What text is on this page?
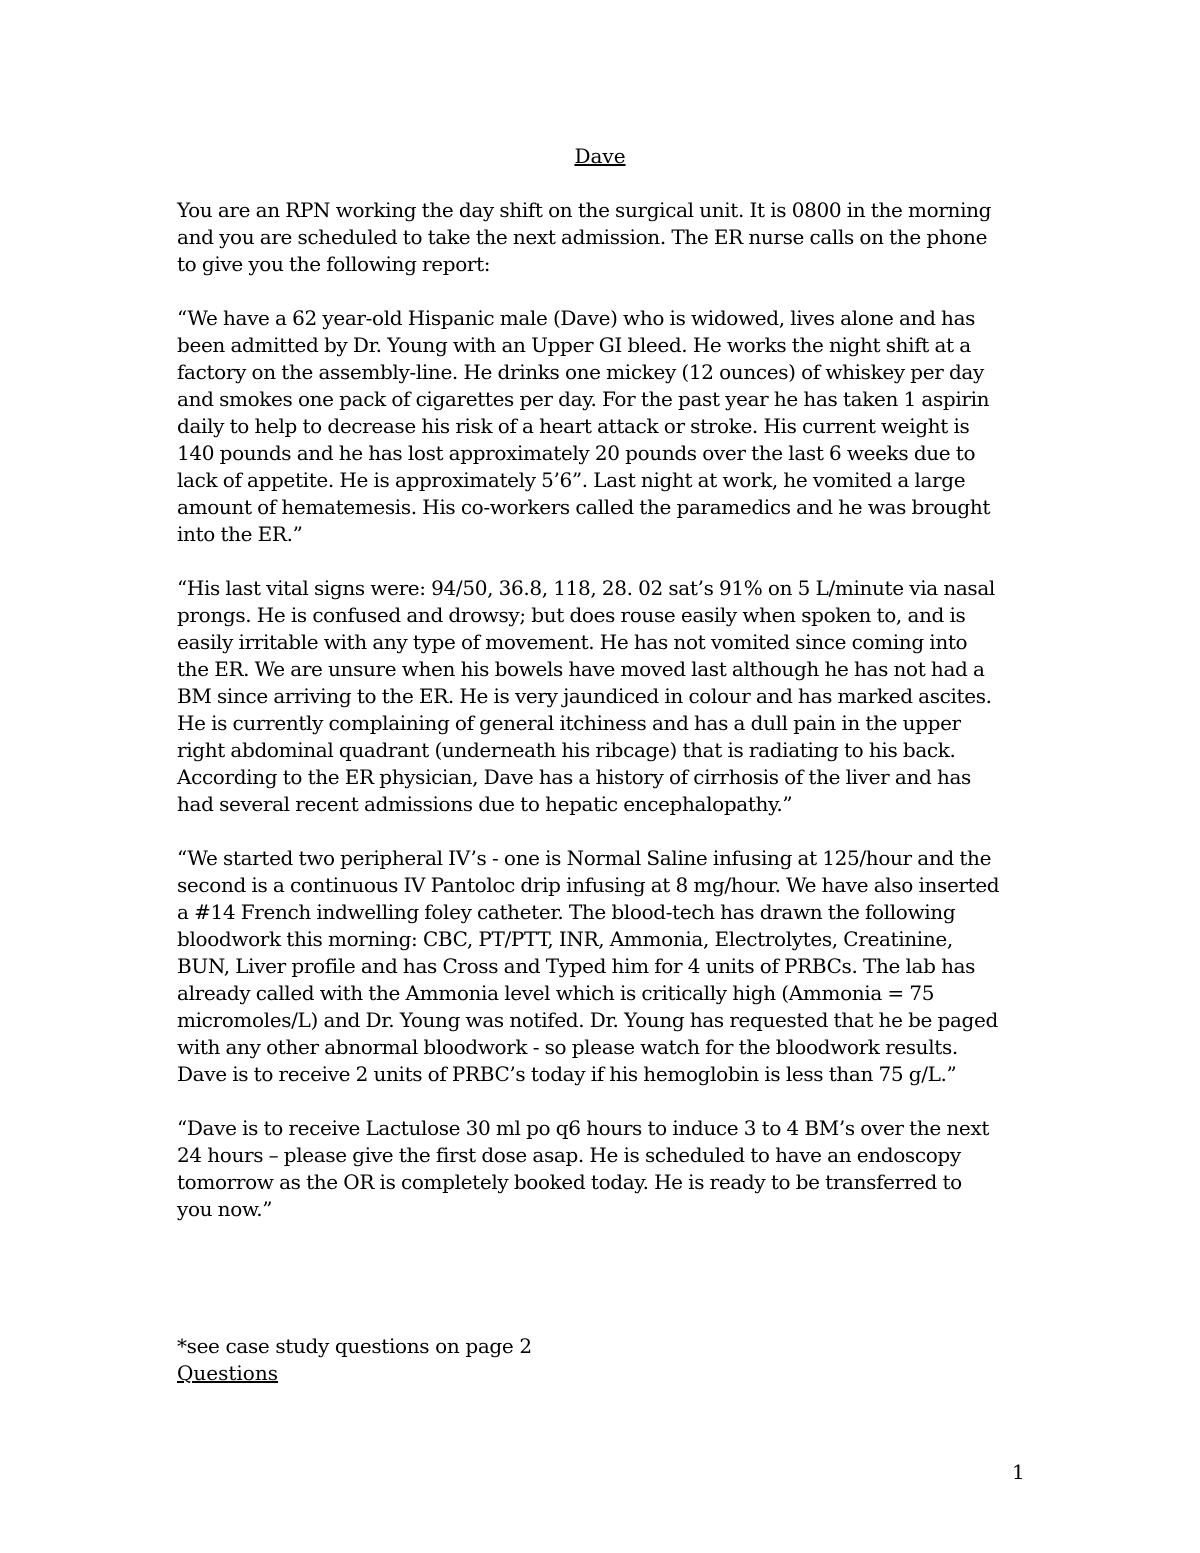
Dave

You are an RPN working the day shift on the surgical unit. It is 0800 in the morning
and you are scheduled to take the next admission. The ER nurse calls on the phone
to give you the following report:

“We have a 62 year-old Hispanic male (Dave) who is widowed, lives alone and has
been admitted by Dr. Young with an Upper GI bleed. He works the night shift at a
factory on the assembly-line. He drinks one mickey (12 ounces) of whiskey per day
and smokes one pack of cigarettes per day. For the past year he has taken 1 aspirin
daily to help to decrease his risk of a heart attack or stroke. His current weight is
140 pounds and he has lost approximately 20 pounds over the last 6 weeks due to
lack of appetite. He is approximately 5’6”. Last night at work, he vomited a large
amount of hematemesis. His co-workers called the paramedics and he was brought
into the ER.”

“His last vital signs were: 94/50, 36.8, 118, 28. 02 sat’s 91% on 5 L/minute via nasal
prongs. He is confused and drowsy; but does rouse easily when spoken to, and is
easily irritable with any type of movement. He has not vomited since coming into
the ER. We are unsure when his bowels have moved last although he has not had a
BM since arriving to the ER. He is very jaundiced in colour and has marked ascites.
He is currently complaining of general itchiness and has a dull pain in the upper
right abdominal quadrant (underneath his ribcage) that is radiating to his back.
According to the ER physician, Dave has a history of cirrhosis of the liver and has
had several recent admissions due to hepatic encephalopathy.”

“We started two peripheral IV’s - one is Normal Saline infusing at 125/hour and the
second is a continuous IV Pantoloc drip infusing at 8 mg/hour. We have also inserted
a #14 French indwelling foley catheter. The blood-tech has drawn the following
bloodwork this morning: CBC, PT/PTT, INR, Ammonia, Electrolytes, Creatinine,
BUN, Liver profile and has Cross and Typed him for 4 units of PRBCs. The lab has
already called with the Ammonia level which is critically high (Ammonia = 75
micromoles/L) and Dr. Young was notifed. Dr. Young has requested that he be paged
with any other abnormal bloodwork - so please watch for the bloodwork results.
Dave is to receive 2 units of PRBC’s today if his hemoglobin is less than 75 g/L.”

“Dave is to receive Lactulose 30 ml po q6 hours to induce 3 to 4 BM’s over the next
24 hours – please give the first dose asap. He is scheduled to have an endoscopy
tomorrow as the OR is completely booked today. He is ready to be transferred to
you now.”

*see case study questions on page 2

Questions

1
